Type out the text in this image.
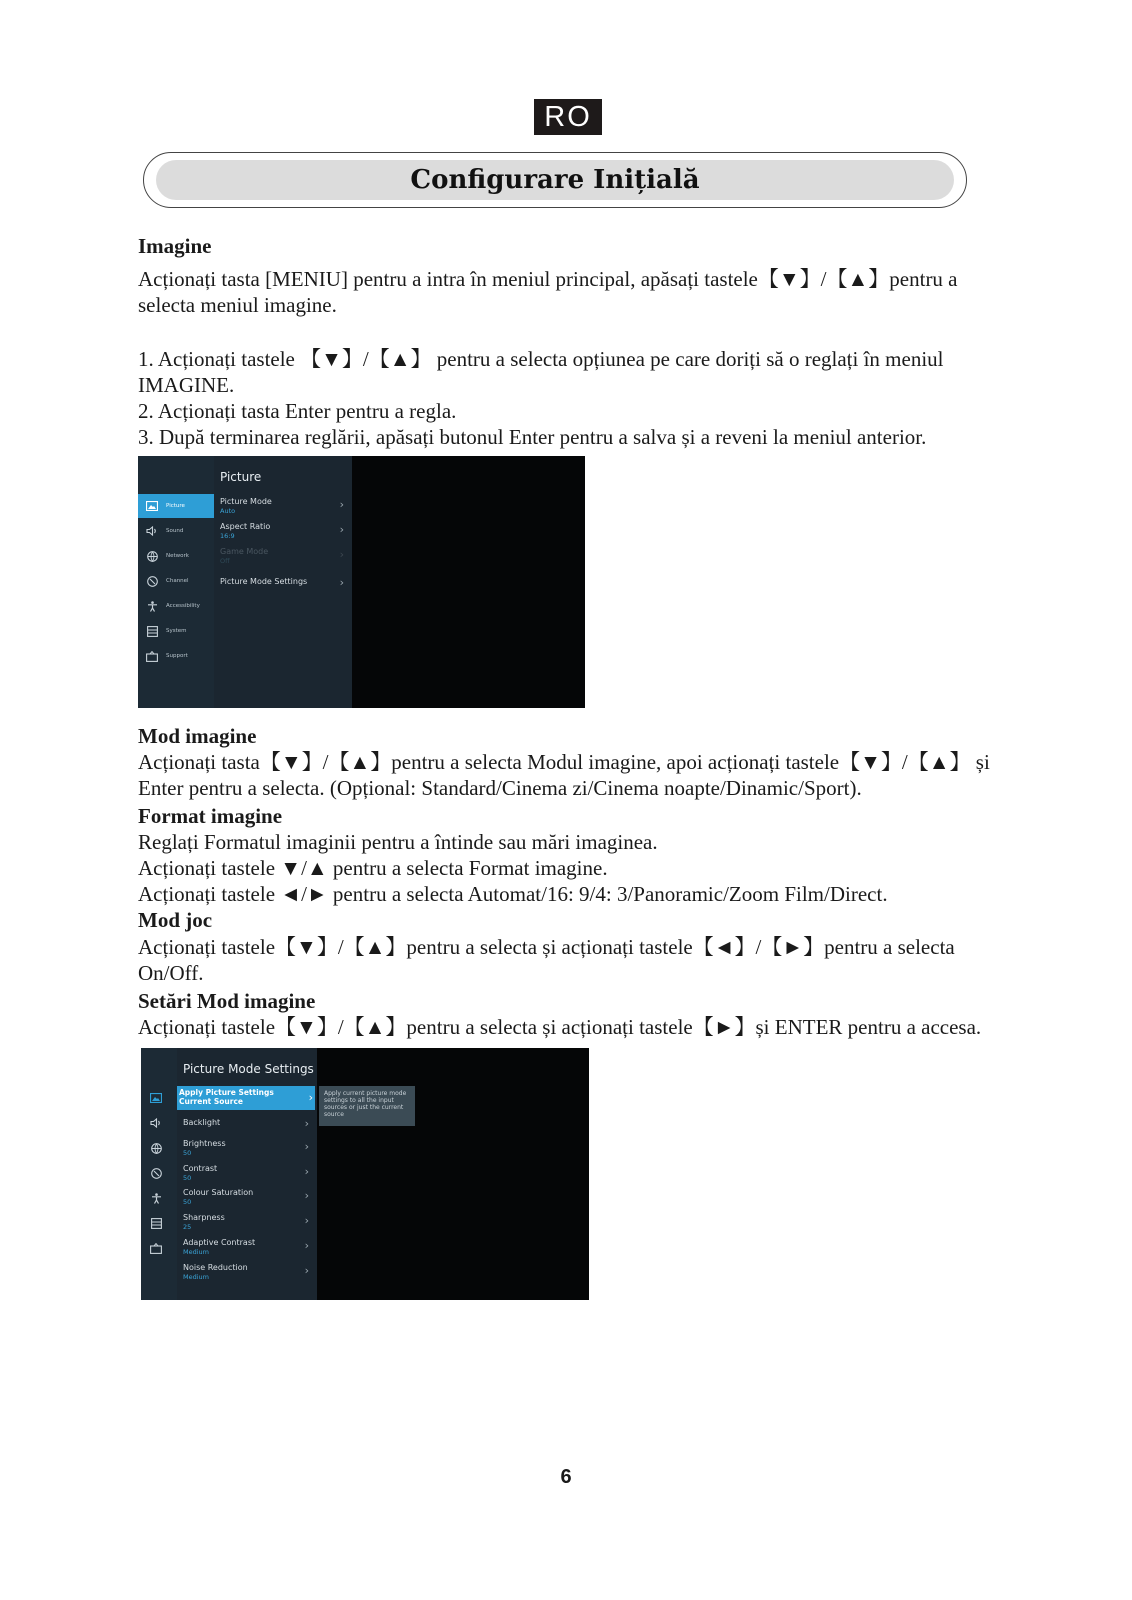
RO
Configurare Inițială
Imagine
Acționați tasta [MENIU] pentru a intra în meniul principal, apăsați tastele【▼】/【▲】pentru a selecta meniul imagine.
1. Acționați tastele 【▼】/【▲】 pentru a selecta opțiunea pe care doriți să o reglați în meniul IMAGINE.
2. Acționați tasta Enter pentru a regla.
3. După terminarea reglării, apăsați butonul Enter pentru a salva și a reveni la meniul anterior.
Picture
Sound
Network
Channel
Accessibility
System
Support
Picture
Picture Mode
Auto	›
Aspect Ratio
16:9	›
Game Mode
Off	›
Picture Mode Settings	›
Mod imagine
Acționați tasta【▼】/【▲】pentru a selecta Modul imagine, apoi acționați tastele【▼】/【▲】 și Enter pentru a selecta. (Opțional: Standard/Cinema zi/Cinema noapte/Dinamic/Sport).
Format imagine
Reglați Formatul imaginii pentru a întinde sau mări imaginea.
Acționați tastele ▼/▲ pentru a selecta Format imagine.
Acționați tastele ◄/► pentru a selecta Automat/16: 9/4: 3/Panoramic/Zoom Film/Direct.
Mod joc
Acționați tastele【▼】/【▲】pentru a selecta și acționați tastele【◄】/【►】pentru a selecta On/Off.
Setări Mod imagine
Acționați tastele【▼】/【▲】pentru a selecta și acționați tastele【►】și ENTER pentru a accesa.
Picture Mode Settings
Apply Picture Settings
Current Source	›
Backlight	›
Brightness
50	›
Contrast
50	›
Colour Saturation
50	›
Sharpness
25	›
Adaptive Contrast
Medium	›
Noise Reduction
Medium	›
Apply current picture mode settings to all the input sources or just the current source
6
